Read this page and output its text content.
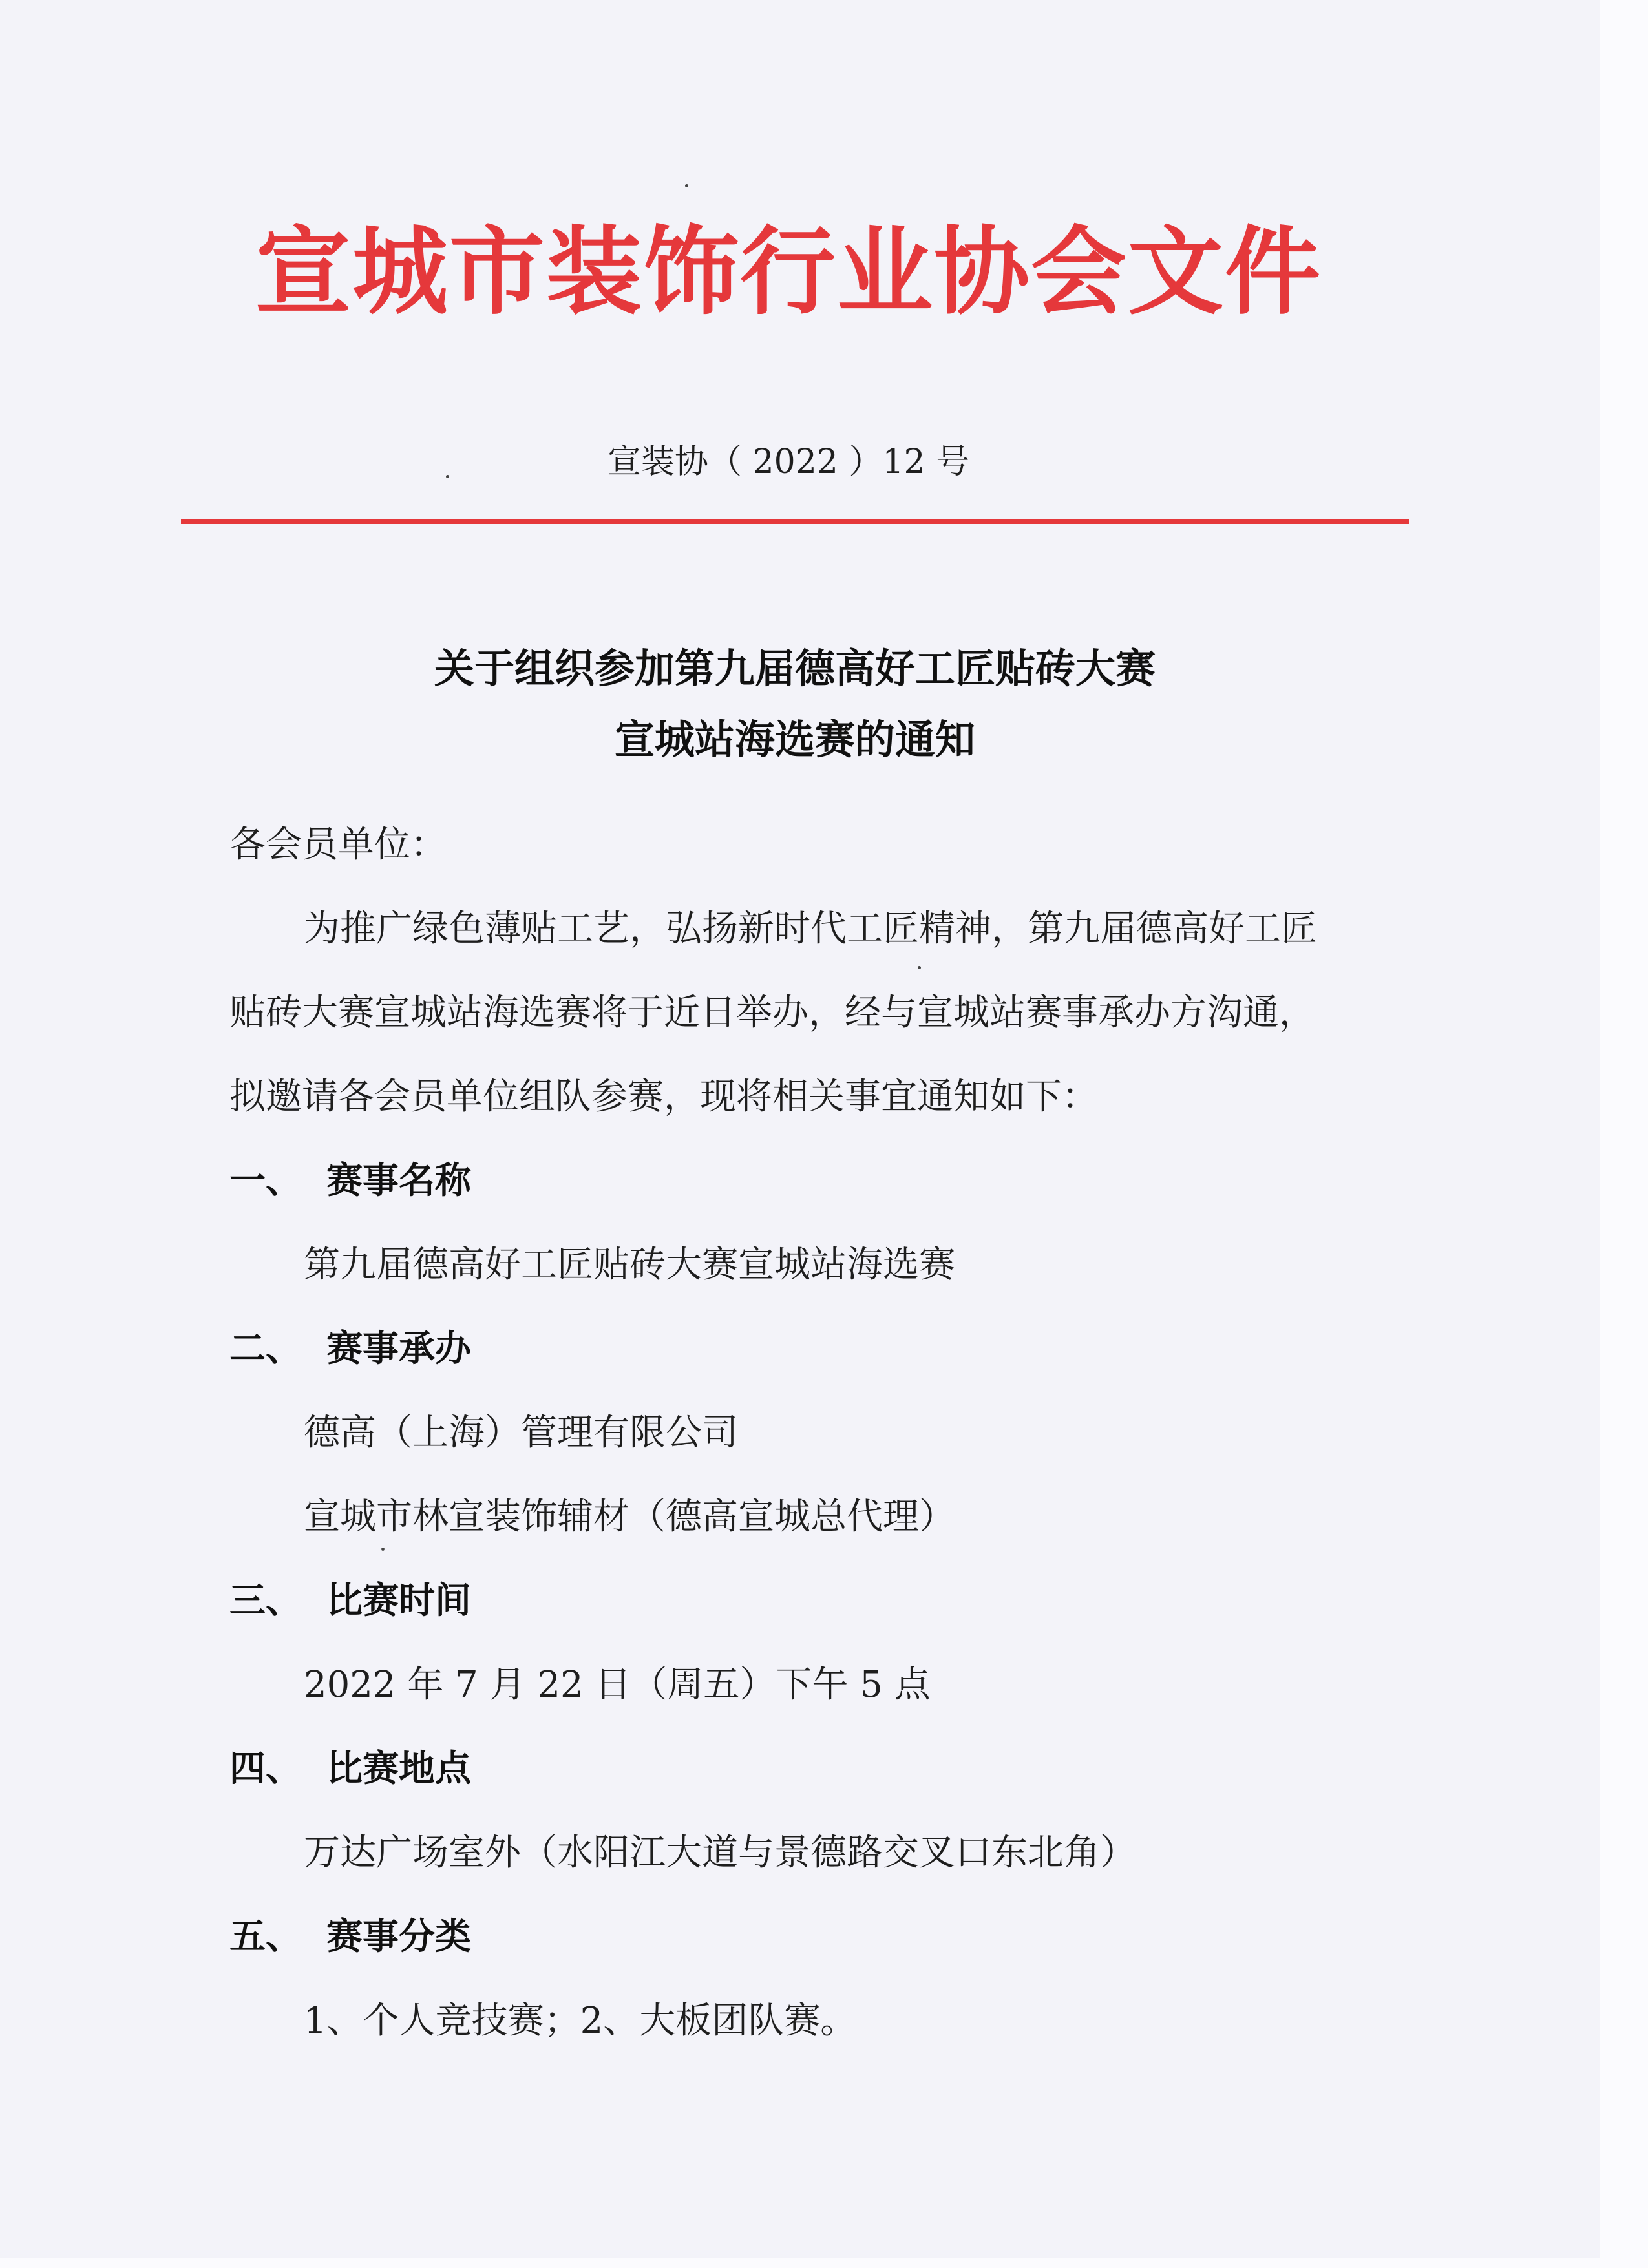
宣城市装饰行业协会文件
宣装协（ 2022 ）12 号
关于组织参加第九届德高好工匠贴砖大赛
宣城站海选赛的通知
各会员单位：
为推广绿色薄贴工艺，弘扬新时代工匠精神，第九届德高好工匠
贴砖大赛宣城站海选赛将于近日举办，经与宣城站赛事承办方沟通，
拟邀请各会员单位组队参赛，现将相关事宜通知如下：
一、 赛事名称
第九届德高好工匠贴砖大赛宣城站海选赛
二、 赛事承办
德高（上海）管理有限公司
宣城市林宣装饰辅材（德高宣城总代理）
三、 比赛时间
2022 年 7 月 22 日（周五）下午 5 点
四、 比赛地点
万达广场室外（水阳江大道与景德路交叉口东北角）
五、 赛事分类
1、个人竞技赛；2、大板团队赛。
